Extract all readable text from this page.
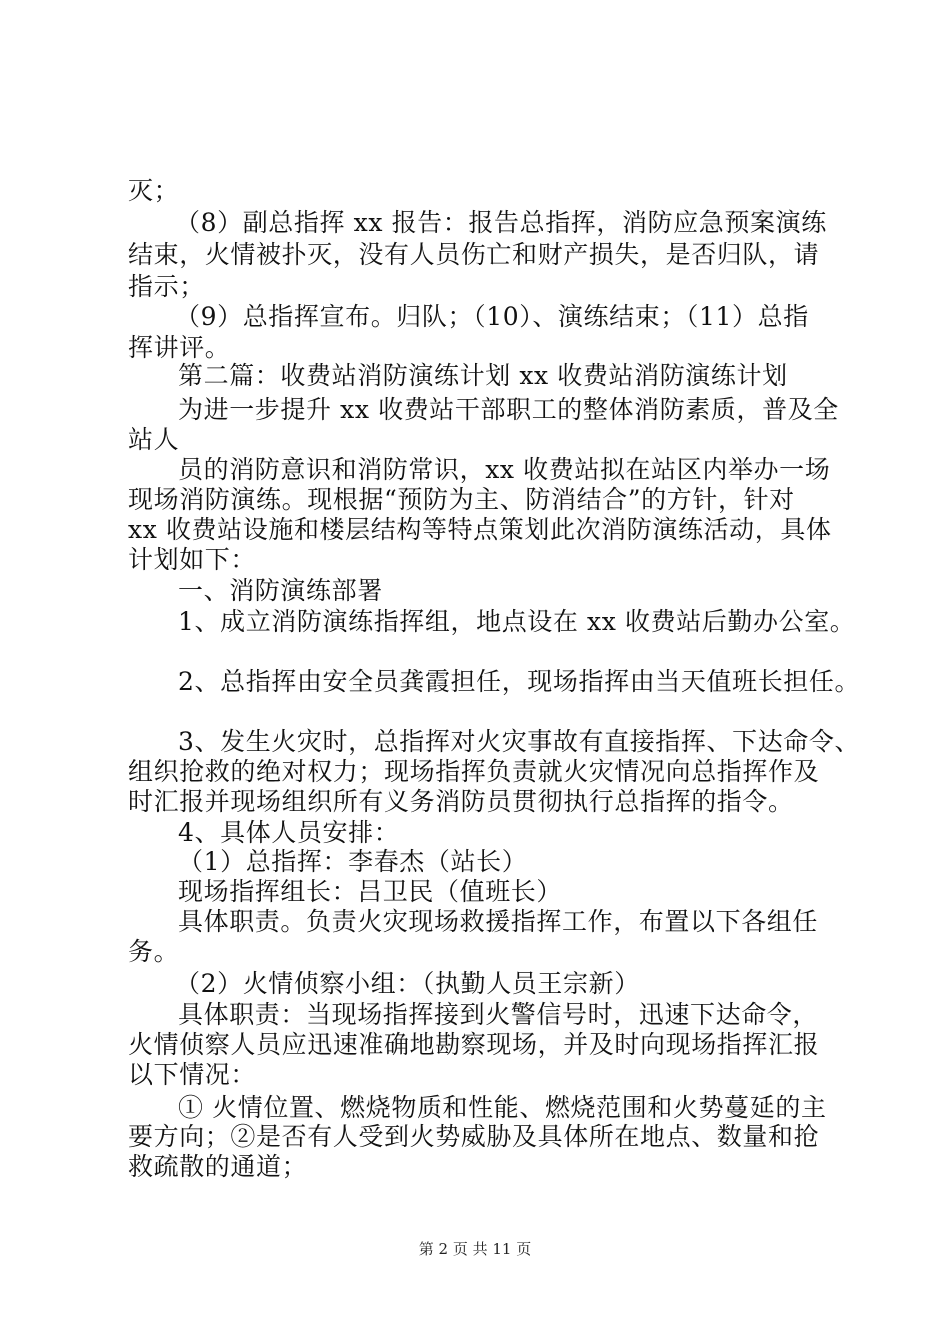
灭；
（8）副总指挥 xx 报告：报告总指挥，消防应急预案演练
结束，火情被扑灭，没有人员伤亡和财产损失，是否归队，请
指示；
（9）总指挥宣布。归队；（10）、演练结束；（11）总指
挥讲评。
第二篇：收费站消防演练计划 xx 收费站消防演练计划
为进一步提升 xx 收费站干部职工的整体消防素质，普及全
站人
员的消防意识和消防常识，xx 收费站拟在站区内举办一场
现场消防演练。现根据“预防为主、防消结合”的方针，针对
xx 收费站设施和楼层结构等特点策划此次消防演练活动，具体
计划如下：
一、消防演练部署
1、成立消防演练指挥组，地点设在 xx 收费站后勤办公室。
2、总指挥由安全员龚霞担任，现场指挥由当天值班长担任。
3、发生火灾时，总指挥对火灾事故有直接指挥、下达命令、
组织抢救的绝对权力；现场指挥负责就火灾情况向总指挥作及
时汇报并现场组织所有义务消防员贯彻执行总指挥的指令。
4、具体人员安排：
（1）总指挥：李春杰（站长）
现场指挥组长：吕卫民（值班长）
具体职责。负责火灾现场救援指挥工作，布置以下各组任
务。
（2）火情侦察小组：（执勤人员王宗新）
具体职责：当现场指挥接到火警信号时，迅速下达命令，
火情侦察人员应迅速准确地勘察现场，并及时向现场指挥汇报
以下情况：
① 火情位置、燃烧物质和性能、燃烧范围和火势蔓延的主
要方向；②是否有人受到火势威胁及具体所在地点、数量和抢
救疏散的通道；
第 2 页 共 11 页
